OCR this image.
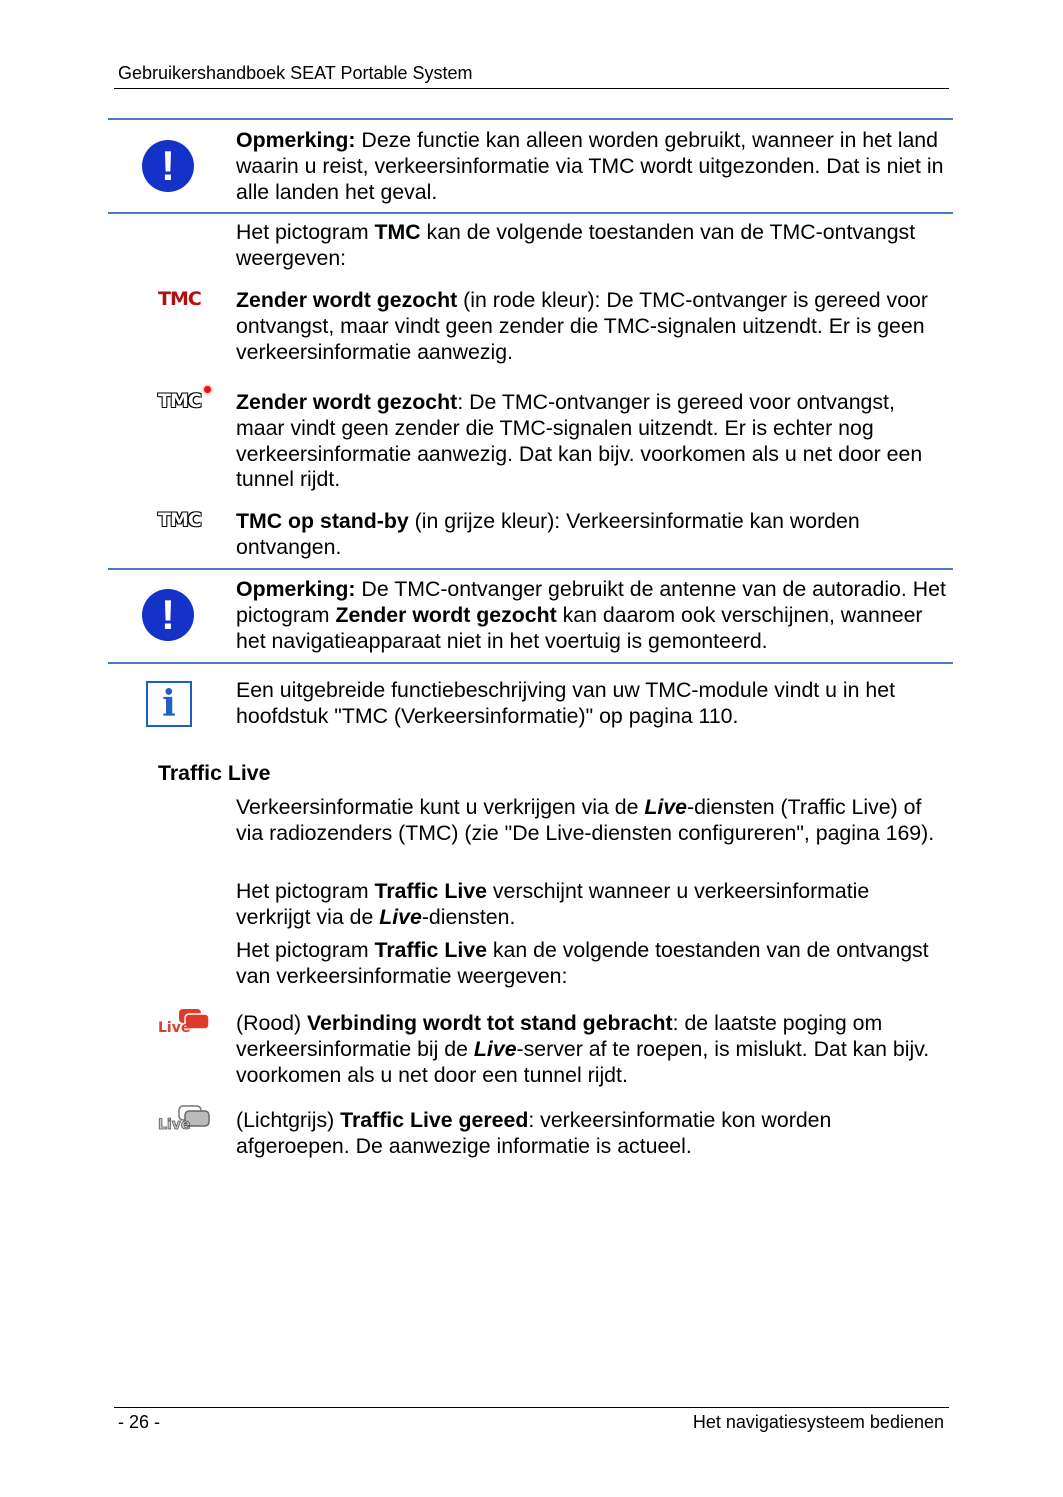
Gebruikershandboek SEAT Portable System
!
Opmerking: Deze functie kan alleen worden gebruikt, wanneer in het land waarin u reist, verkeersinformatie via TMC wordt uitgezonden. Dat is niet in alle landen het geval.
Het pictogram TMC kan de volgende toestanden van de TMC-ontvangst weergeven:
TMC Zender wordt gezocht (in rode kleur): De TMC-ontvanger is gereed voor ontvangst, maar vindt geen zender die TMC-signalen uitzendt. Er is geen verkeersinformatie aanwezig.
TMC Zender wordt gezocht: De TMC-ontvanger is gereed voor ontvangst, maar vindt geen zender die TMC-signalen uitzendt. Er is echter nog verkeersinformatie aanwezig. Dat kan bijv. voorkomen als u net door een tunnel rijdt.
TMC TMC op stand-by (in grijze kleur): Verkeersinformatie kan worden ontvangen.
!
Opmerking: De TMC-ontvanger gebruikt de antenne van de autoradio. Het pictogram Zender wordt gezocht kan daarom ook verschijnen, wanneer het navigatieapparaat niet in het voertuig is gemonteerd.
i	Een uitgebreide functiebeschrijving van uw TMC-module vindt u in het hoofdstuk "TMC (Verkeersinformatie)" op pagina 110.
Traffic Live
Verkeersinformatie kunt u verkrijgen via de Live-diensten (Traffic Live) of via radiozenders (TMC) (zie "De Live-diensten configureren", pagina 169).
Het pictogram Traffic Live verschijnt wanneer u verkeersinformatie verkrijgt via de Live-diensten.
Het pictogram Traffic Live kan de volgende toestanden van de ontvangst van verkeersinformatie weergeven:
Live (Rood) Verbinding wordt tot stand gebracht: de laatste poging om verkeersinformatie bij de Live-server af te roepen, is mislukt. Dat kan bijv. voorkomen als u net door een tunnel rijdt.
Live (Lichtgrijs) Traffic Live gereed: verkeersinformatie kon worden afgeroepen. De aanwezige informatie is actueel.
- 26 -	Het navigatiesysteem bedienen
